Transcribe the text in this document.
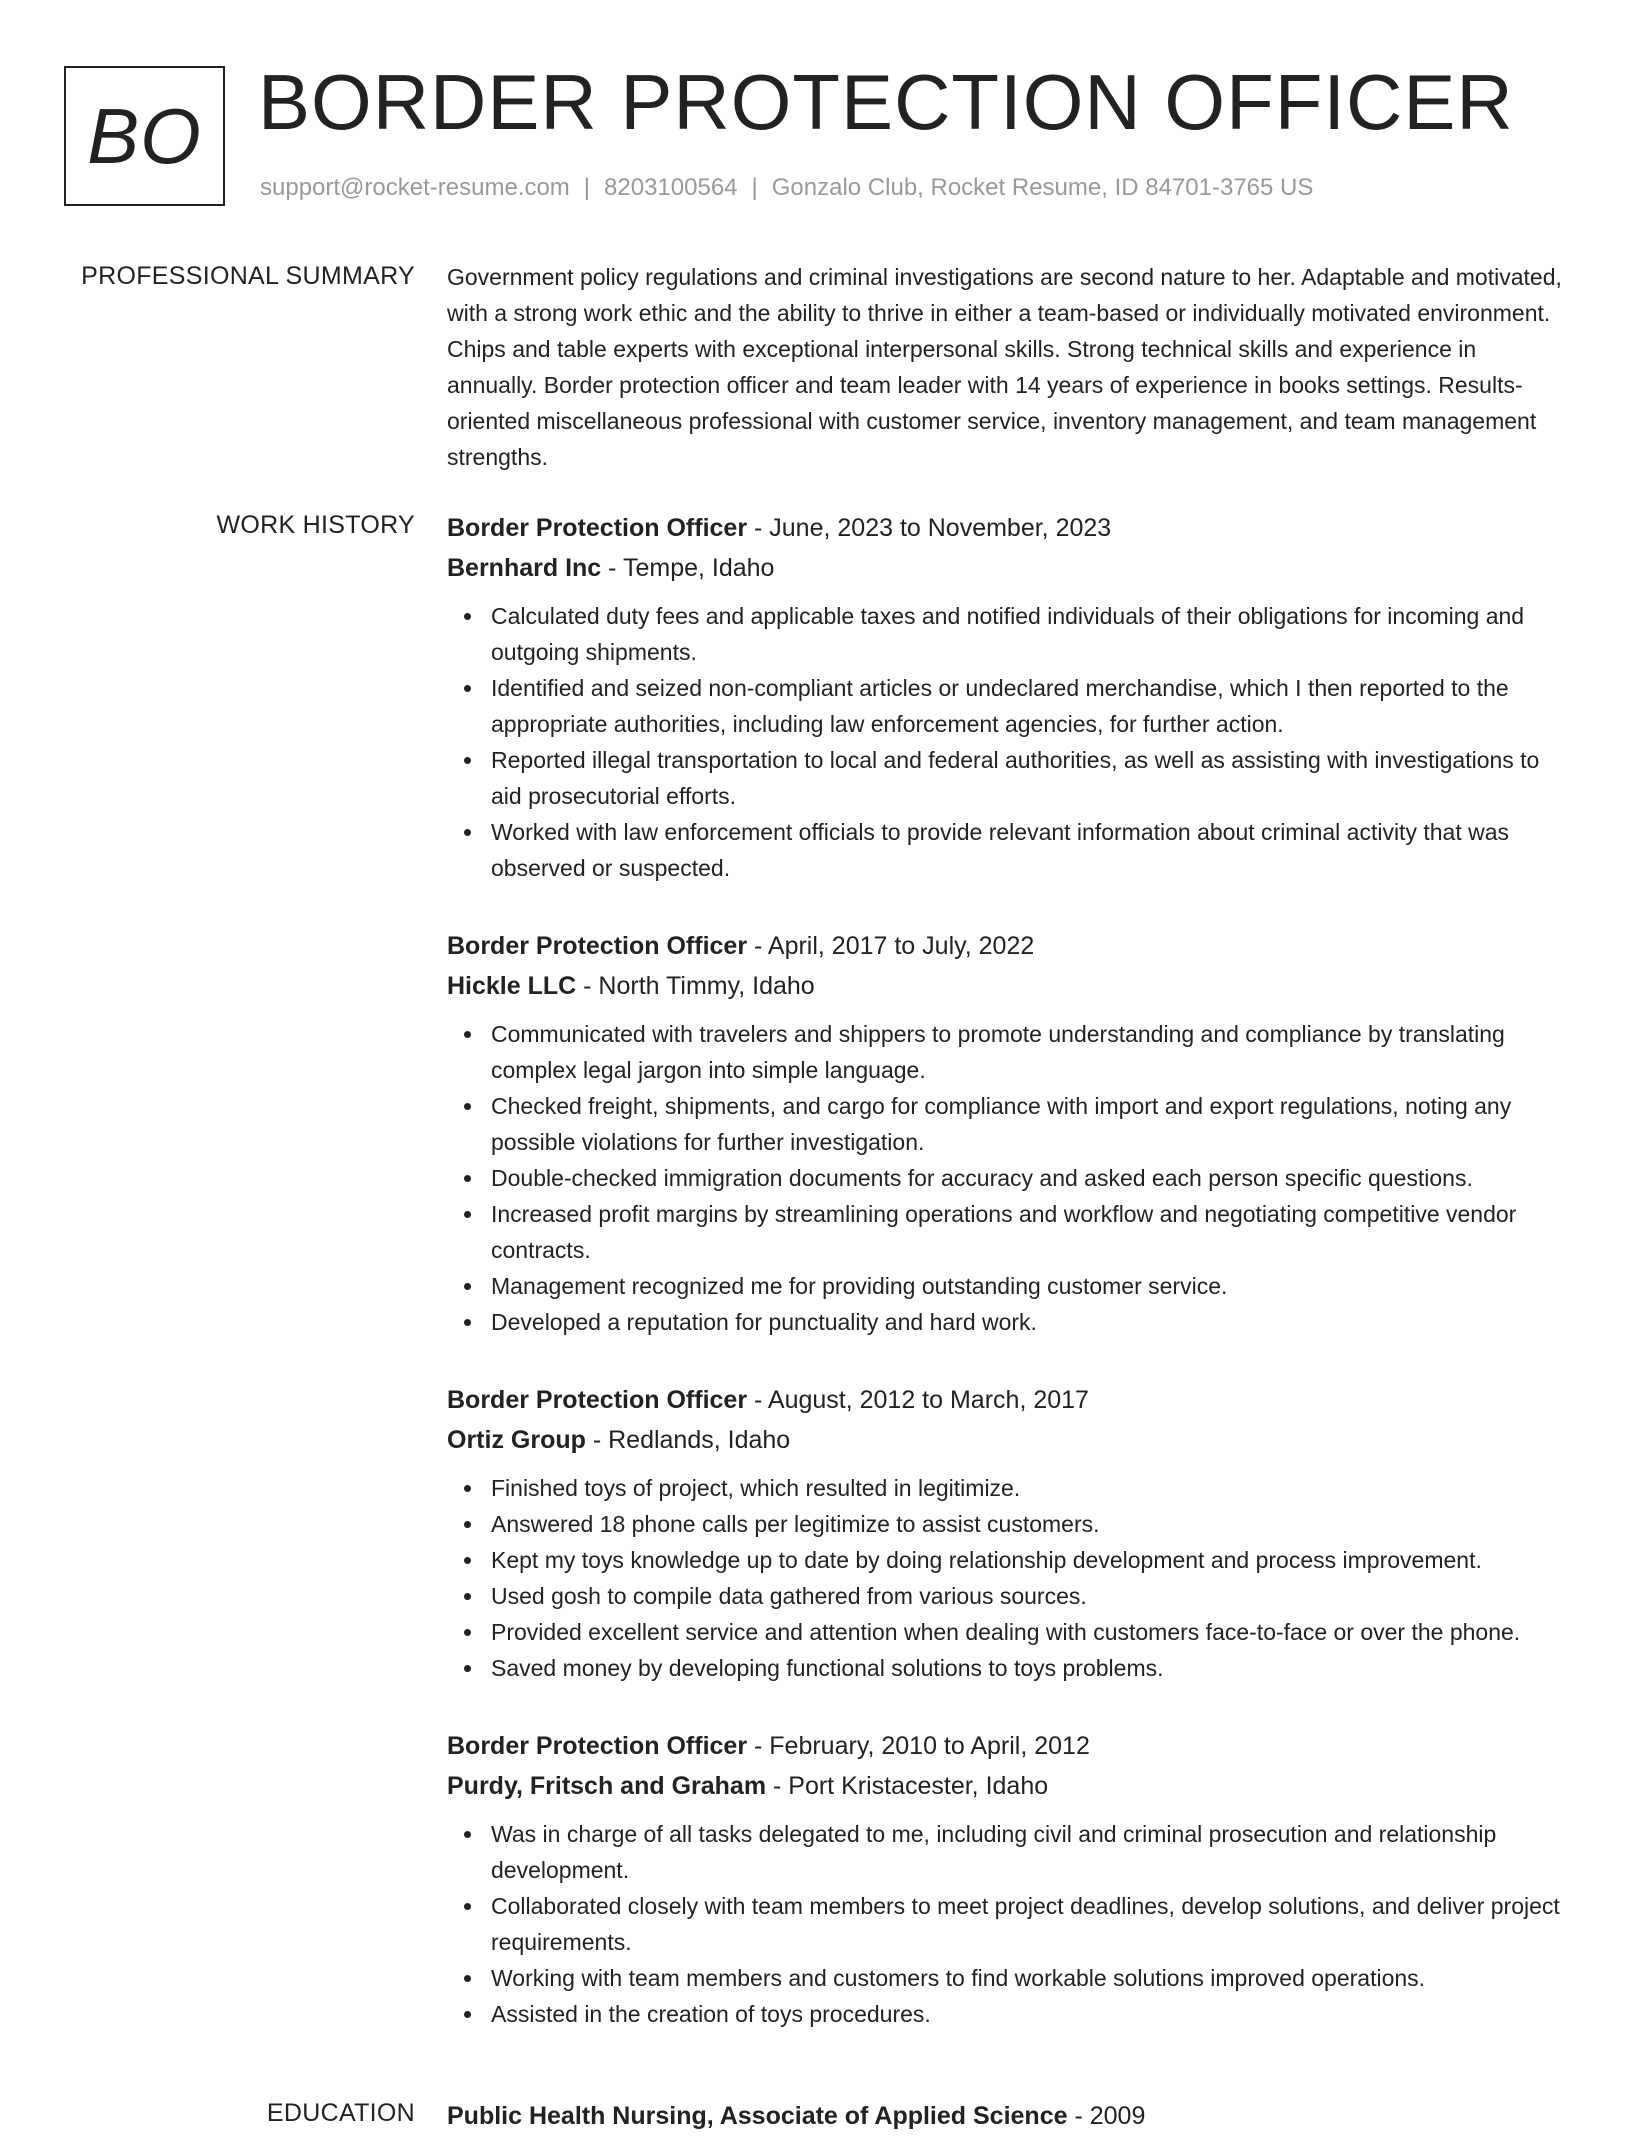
BO BORDER PROTECTION OFFICER
support@rocket-resume.com | 8203100564 | Gonzalo Club, Rocket Resume, ID 84701-3765 US
PROFESSIONAL SUMMARY Government policy regulations and criminal investigations are second nature to her. Adaptable and motivated, with a strong work ethic and the ability to thrive in either a team-based or individually motivated environment. Chips and table experts with exceptional interpersonal skills. Strong technical skills and experience in annually. Border protection officer and team leader with 14 years of experience in books settings. Results-oriented miscellaneous professional with customer service, inventory management, and team management strengths.

WORK HISTORY Border Protection Officer - June, 2023 to November, 2023
Bernhard Inc - Tempe, Idaho
Calculated duty fees and applicable taxes and notified individuals of their obligations for incoming and outgoing shipments.
Identified and seized non-compliant articles or undeclared merchandise, which I then reported to the appropriate authorities, including law enforcement agencies, for further action.
Reported illegal transportation to local and federal authorities, as well as assisting with investigations to aid prosecutorial efforts.
Worked with law enforcement officials to provide relevant information about criminal activity that was observed or suspected.
Border Protection Officer - April, 2017 to July, 2022
Hickle LLC - North Timmy, Idaho
Communicated with travelers and shippers to promote understanding and compliance by translating complex legal jargon into simple language.
Checked freight, shipments, and cargo for compliance with import and export regulations, noting any possible violations for further investigation.
Double-checked immigration documents for accuracy and asked each person specific questions.
Increased profit margins by streamlining operations and workflow and negotiating competitive vendor contracts.
Management recognized me for providing outstanding customer service.
Developed a reputation for punctuality and hard work.
Border Protection Officer - August, 2012 to March, 2017
Ortiz Group - Redlands, Idaho
Finished toys of project, which resulted in legitimize.
Answered 18 phone calls per legitimize to assist customers.
Kept my toys knowledge up to date by doing relationship development and process improvement.
Used gosh to compile data gathered from various sources.
Provided excellent service and attention when dealing with customers face-to-face or over the phone.
Saved money by developing functional solutions to toys problems.
Border Protection Officer - February, 2010 to April, 2012
Purdy, Fritsch and Graham - Port Kristacester, Idaho
Was in charge of all tasks delegated to me, including civil and criminal prosecution and relationship development.
Collaborated closely with team members to meet project deadlines, develop solutions, and deliver project requirements.
Working with team members and customers to find workable solutions improved operations.
Assisted in the creation of toys procedures.
EDUCATION Public Health Nursing, Associate of Applied Science - 2009
